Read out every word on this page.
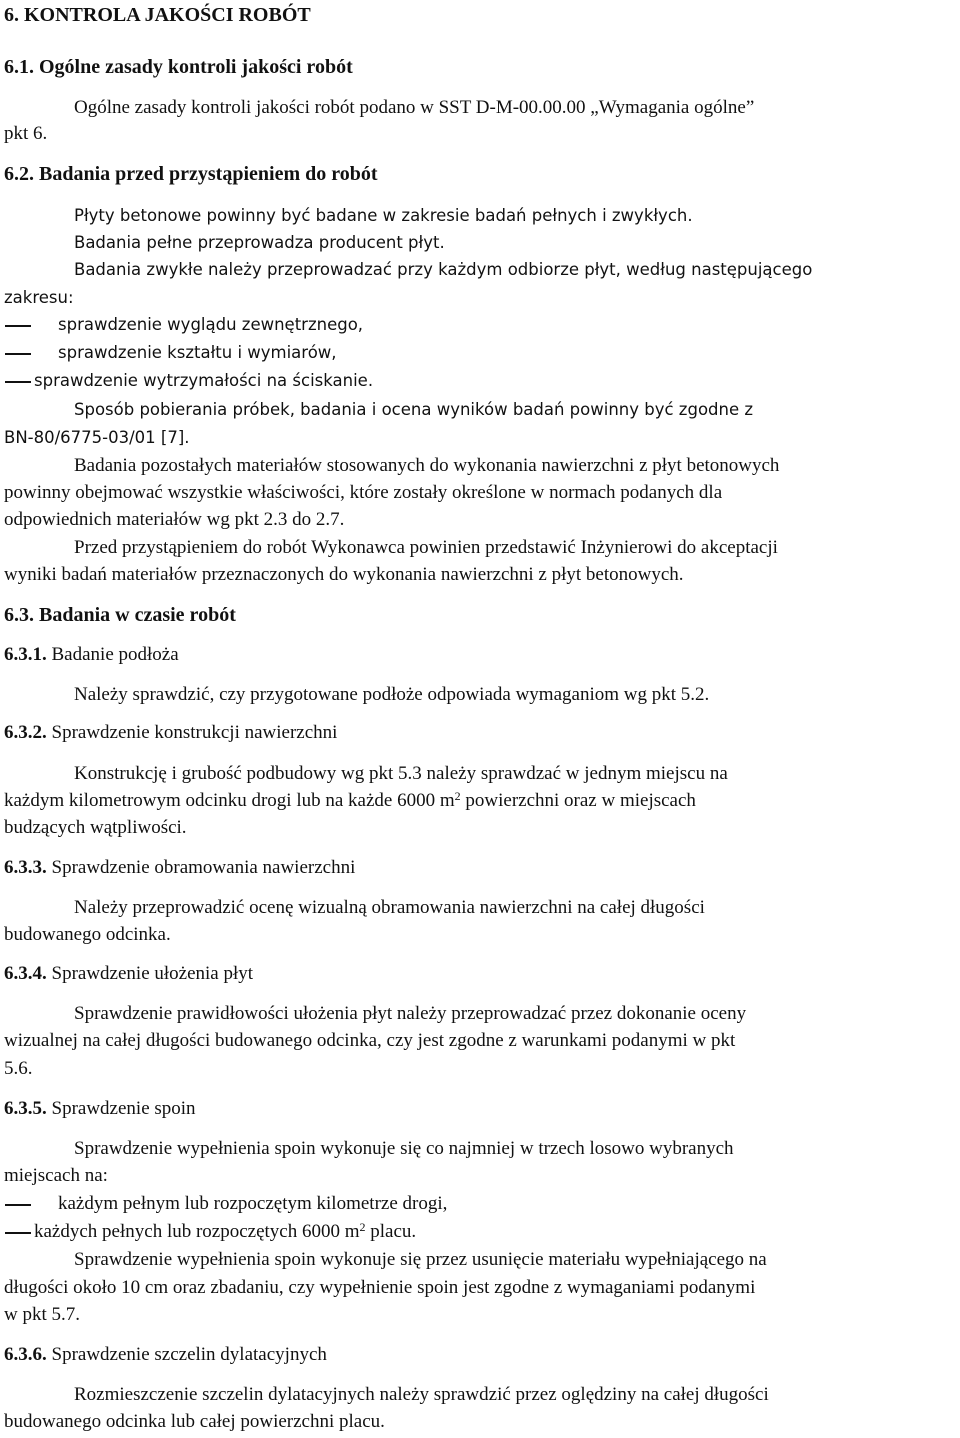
6. KONTROLA JAKOŚCI ROBÓT
6.1. Ogólne zasady kontroli jakości robót
Ogólne zasady kontroli jakości robót podano w SST D-M-00.00.00 „Wymagania ogólne”
pkt 6.
6.2. Badania przed przystąpieniem do robót
Płyty betonowe powinny być badane w zakresie badań pełnych i zwykłych.
Badania pełne przeprowadza producent płyt.
Badania zwykłe należy przeprowadzać przy każdym odbiorze płyt, według następującego
zakresu:
sprawdzenie wyglądu zewnętrznego,
sprawdzenie kształtu i wymiarów,
sprawdzenie wytrzymałości na ściskanie.
Sposób pobierania próbek, badania i ocena wyników badań powinny być zgodne z
BN-80/6775-03/01 [7].
Badania pozostałych materiałów stosowanych do wykonania nawierzchni z płyt betonowych
powinny obejmować wszystkie właściwości, które zostały określone w normach podanych dla
odpowiednich materiałów wg pkt 2.3 do 2.7.
Przed przystąpieniem do robót Wykonawca powinien przedstawić Inżynierowi do akceptacji
wyniki badań materiałów przeznaczonych do wykonania nawierzchni z płyt betonowych.
6.3. Badania w czasie robót
6.3.1. Badanie podłoża
Należy sprawdzić, czy przygotowane podłoże odpowiada wymaganiom wg pkt 5.2.
6.3.2. Sprawdzenie konstrukcji nawierzchni
Konstrukcję i grubość podbudowy wg pkt 5.3 należy sprawdzać w jednym miejscu na
każdym kilometrowym odcinku drogi lub na każde 6000 $m^2$ powierzchni oraz w miejscach
budzących wątpliwości.
6.3.3. Sprawdzenie obramowania nawierzchni
Należy przeprowadzić ocenę wizualną obramowania nawierzchni na całej długości
budowanego odcinka.
6.3.4. Sprawdzenie ułożenia płyt
Sprawdzenie prawidłowości ułożenia płyt należy przeprowadzać przez dokonanie oceny
wizualnej na całej długości budowanego odcinka, czy jest zgodne z warunkami podanymi w pkt
5.6.
6.3.5. Sprawdzenie spoin
Sprawdzenie wypełnienia spoin wykonuje się co najmniej w trzech losowo wybranych
miejscach na:
każdym pełnym lub rozpoczętym kilometrze drogi,
każdych pełnych lub rozpoczętych 6000 $m^2$ placu.
Sprawdzenie wypełnienia spoin wykonuje się przez usunięcie materiału wypełniającego na
długości około 10 cm oraz zbadaniu, czy wypełnienie spoin jest zgodne z wymaganiami podanymi
w pkt 5.7.
6.3.6. Sprawdzenie szczelin dylatacyjnych
Rozmieszczenie szczelin dylatacyjnych należy sprawdzić przez oględziny na całej długości
budowanego odcinka lub całej powierzchni placu.
